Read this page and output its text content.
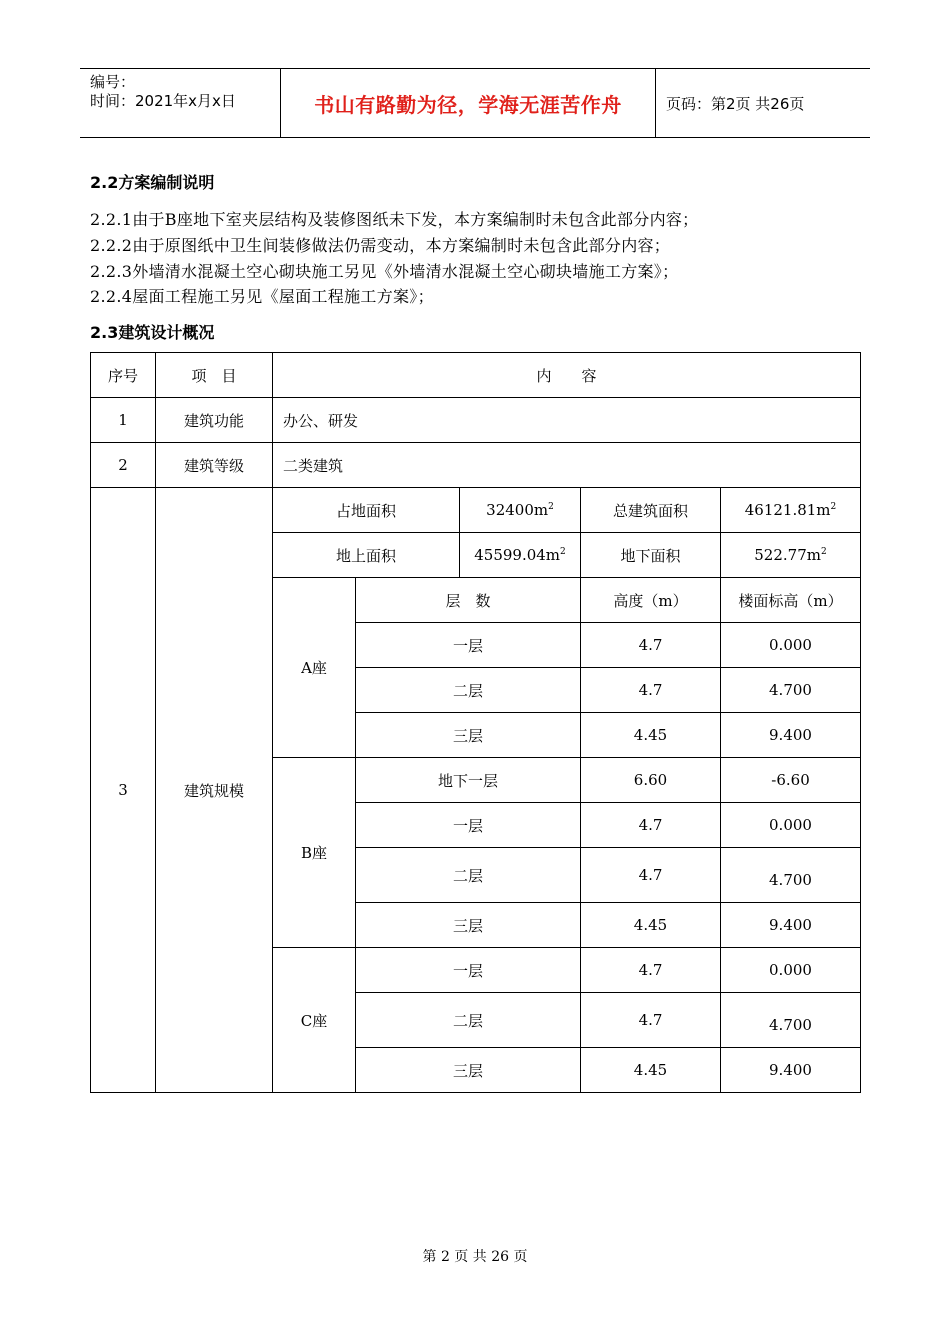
编号：
时间：2021年x月x日	书山有路勤为径，学海无涯苦作舟	页码：第2页 共26页
2.2方案编制说明
2.2.1由于B座地下室夹层结构及装修图纸未下发，本方案编制时未包含此部分内容；
2.2.2由于原图纸中卫生间装修做法仍需变动，本方案编制时未包含此部分内容；
2.2.3外墙清水混凝土空心砌块施工另见《外墙清水混凝土空心砌块墙施工方案》；
2.2.4屋面工程施工另见《屋面工程施工方案》；
2.3建筑设计概况
序号	项　目	内　　容				
1	建筑功能	办公、研发				
2	建筑等级	二类建筑				
3	建筑规模	占地面积		$32400m^2$	总建筑面积	$46121.81m^2$
		地上面积		$45599.04m^2$	地下面积	$522.77m^2$
		A座	层　数		高度（m）	楼面标高（m）
			一层		4.7	0.000
			二层		4.7	4.700
			三层		4.45	9.400
		B座	地下一层		6.60	-6.60
			一层		4.7	0.000
			二层		4.7	4.700
			三层		4.45	9.400
		C座	一层		4.7	0.000
			二层		4.7	4.700
			三层		4.45	9.400
第 2 页 共 26 页
